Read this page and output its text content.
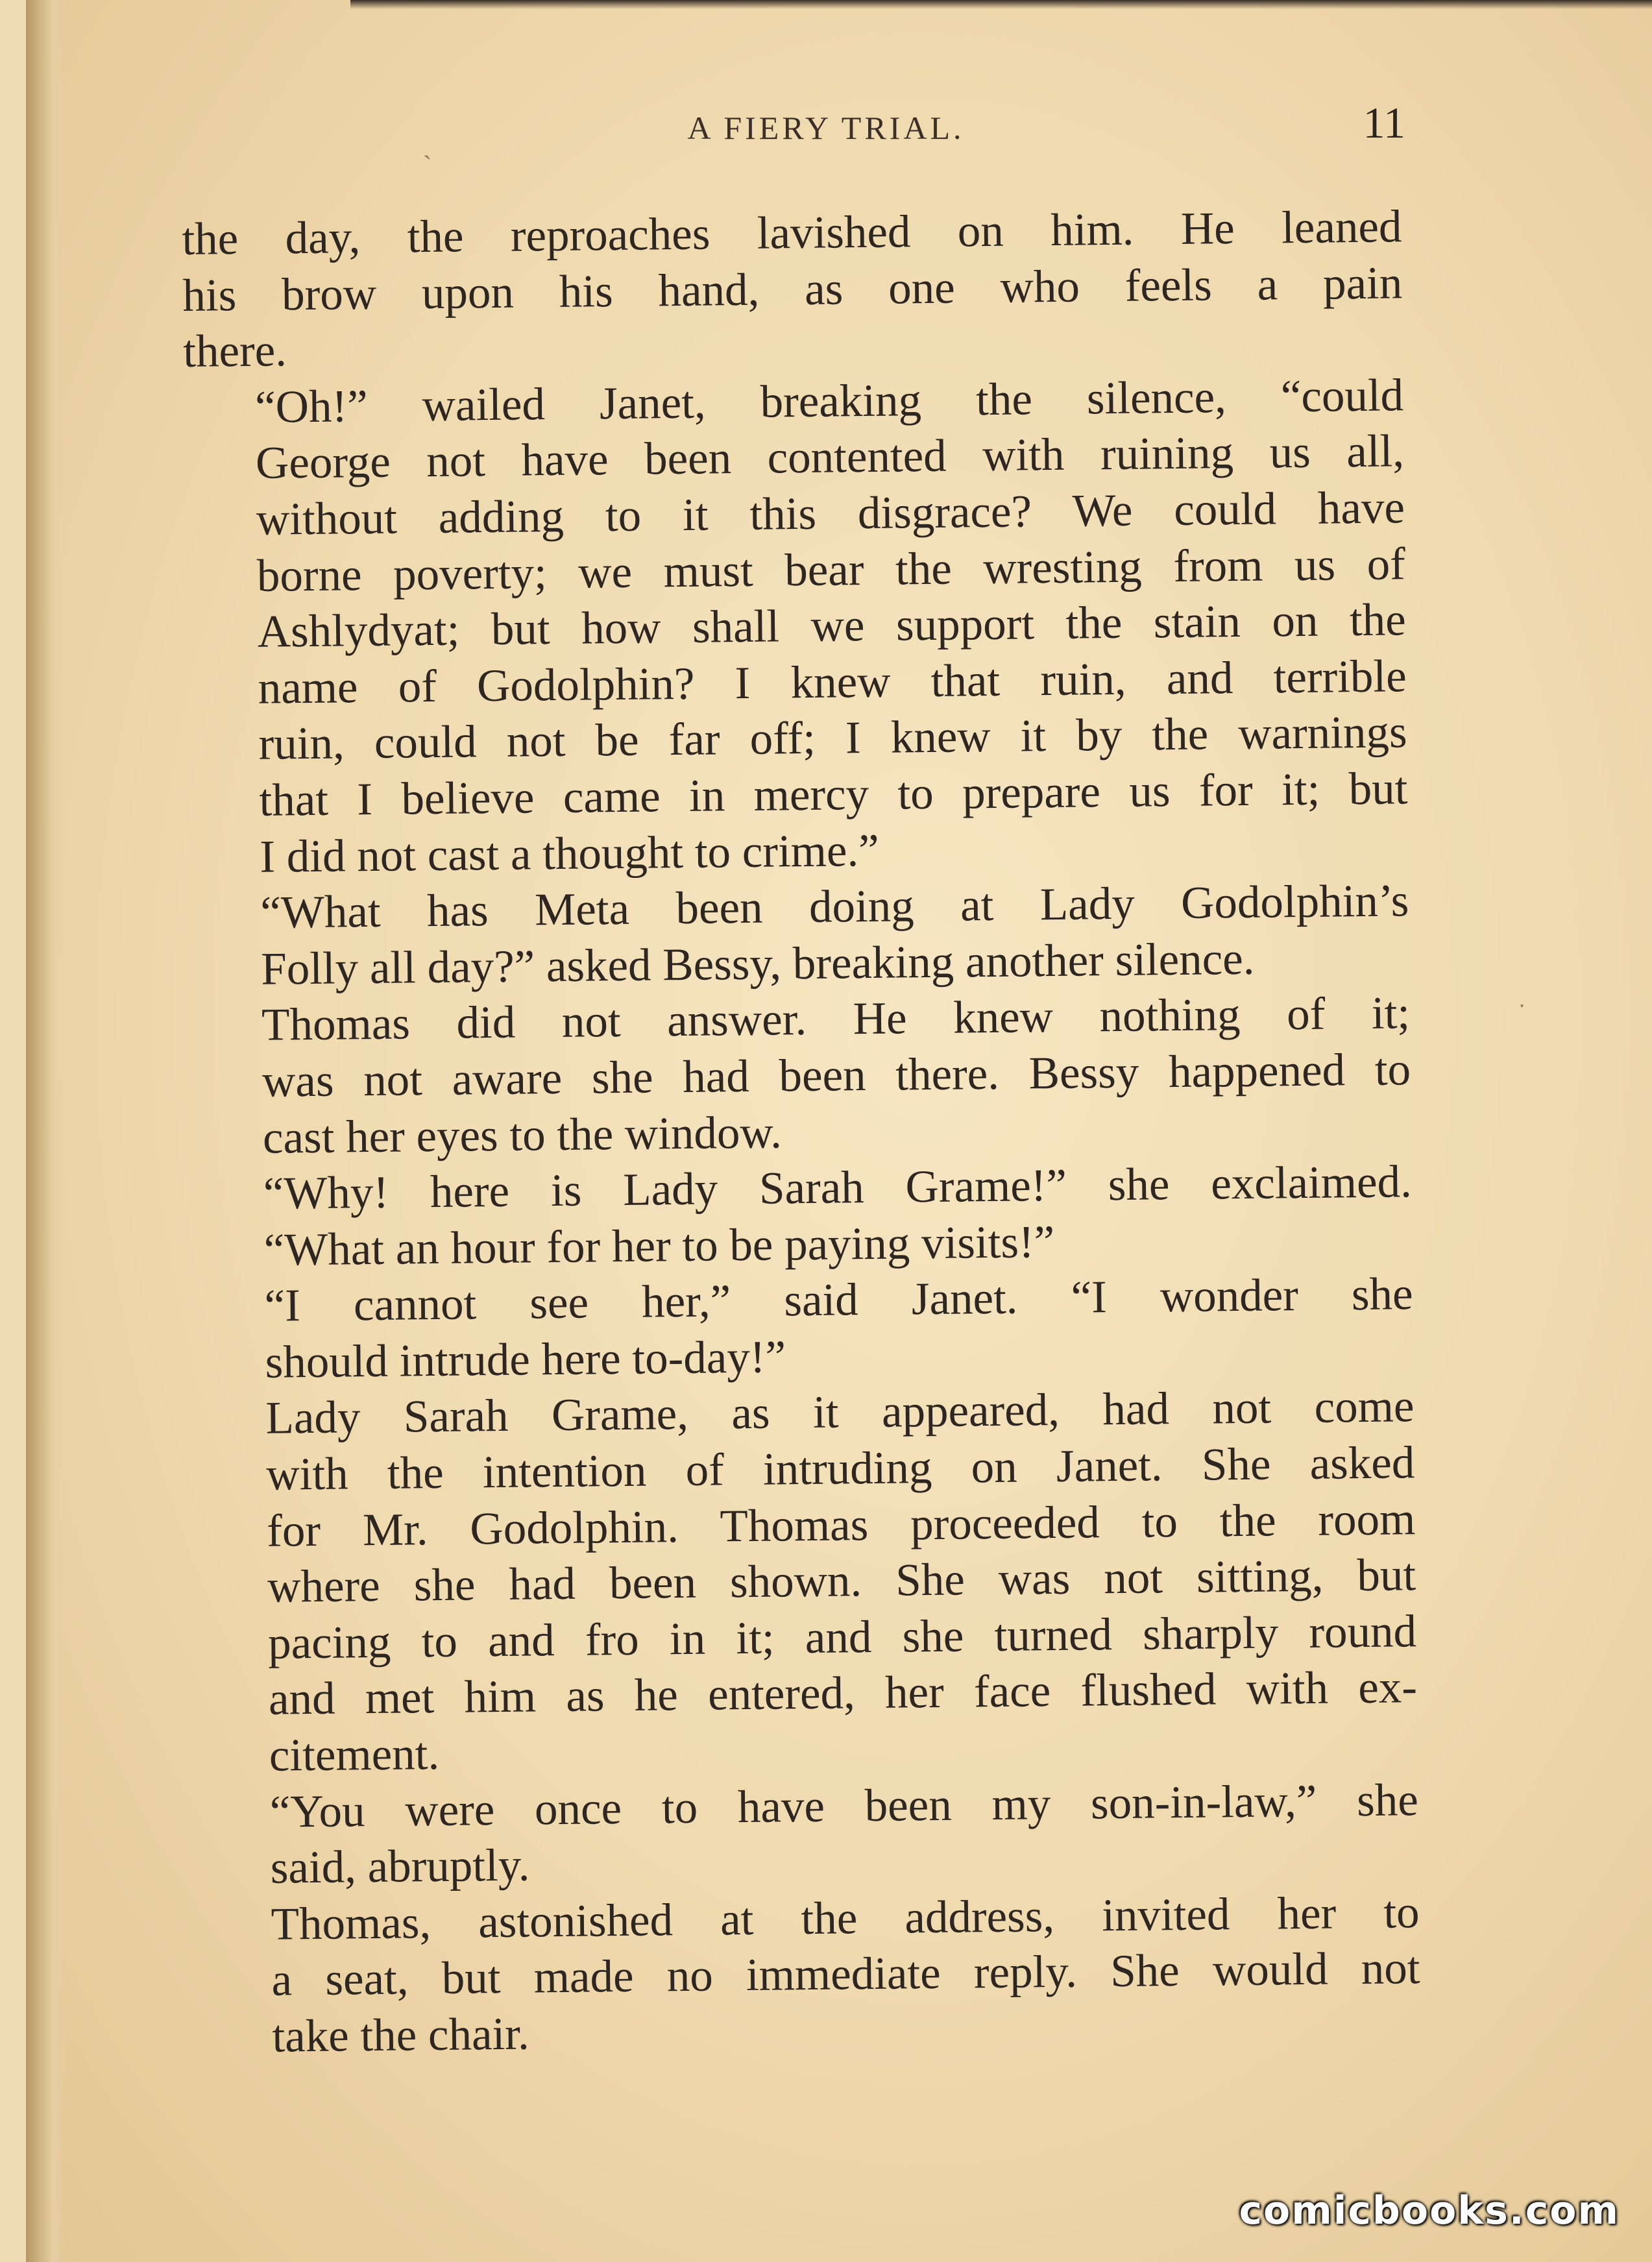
ˏ
ˑ
A FIERY TRIAL.	11

the day, the reproaches lavished on him. He leaned
his brow upon his hand, as one who feels a pain
there.

“Oh!” wailed Janet, breaking the silence, “could
George not have been contented with ruining us all,
without adding to it this disgrace? We could have
borne poverty; we must bear the wresting from us of
Ashlydyat; but how shall we support the stain on the
name of Godolphin? I knew that ruin, and terrible
ruin, could not be far off; I knew it by the warnings
that I believe came in mercy to prepare us for it; but
I did not cast a thought to crime.”

“What has Meta been doing at Lady Godolphin’s
Folly all day?” asked Bessy, breaking another silence.

Thomas did not answer. He knew nothing of it;
was not aware she had been there. Bessy happened to
cast her eyes to the window.

“Why! here is Lady Sarah Grame!” she exclaimed.
“What an hour for her to be paying visits!”

“I cannot see her,” said Janet. “I wonder she
should intrude here to-day!”

Lady Sarah Grame, as it appeared, had not come
with the intention of intruding on Janet. She asked
for Mr. Godolphin. Thomas proceeded to the room
where she had been shown. She was not sitting, but
pacing to and fro in it; and she turned sharply round
and met him as he entered, her face flushed with ex-
citement.

“You were once to have been my son-in-law,” she
said, abruptly.

Thomas, astonished at the address, invited her to
a seat, but made no immediate reply. She would not
take the chair.

comicbooks.com
